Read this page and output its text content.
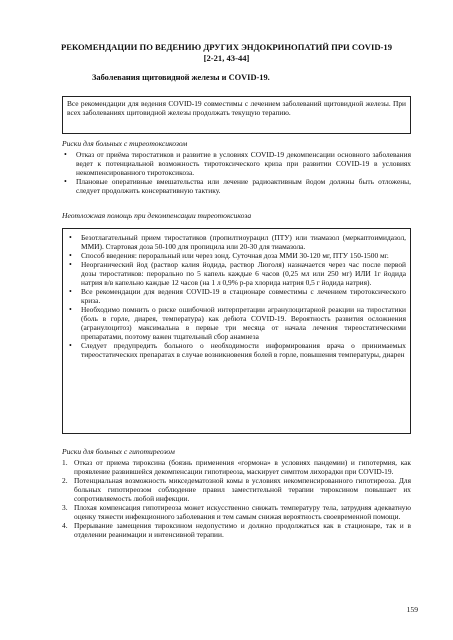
РЕКОМЕНДАЦИИ ПО ВЕДЕНИЮ ДРУГИХ ЭНДОКРИНОПАТИЙ ПРИ COVID-19
[2-21, 43-44]
Заболевания щитовидной железы и COVID-19.
Все рекомендации для ведения COVID-19 совместимы с лечением заболеваний щитовидной железы. При всех заболеваниях щитовидной железы продолжать текущую терапию.
Риски для больных с тиреотоксикозом
• Отказ от приёма тиростатиков и развитие в условиях COVID-19 декомпенсации основного заболевания ведет к потенциальной возможность тиротоксического криза при развитии COVID-19 в условиях некомпенсированного тиротоксикоза.
• Плановые оперативные вмешательства или лечение радиоактивным йодом должны быть отложены, следует продолжить консервативную тактику.
Неотложная помощь при декомпенсации тиреотоксикоза
• Безотлагательный прием тиростатиков (пропилтиоурацил (ПТУ) или тиамазол (меркаптоимидазол, ММИ). Стартовая доза 50-100 для пропицила или 20-30 для тиамазола.
• Способ введения: пероральный или через зонд. Суточная доза ММИ 30-120 мг, ПТУ 150-1500 мг.
• Неорганический йод (раствор калия йодида, раствор Люголя) назначается через час после первой дозы тиростатиков: перорально по 5 капель каждые 6 часов (0,25 мл или 250 мг) ИЛИ 1г йодида натрия в/в капельно каждые 12 часов (на 1 л 0,9% р-ра хлорида натрия 0,5 г йодида натрия).
• Все рекомендации для ведения COVID-19 в стационаре совместимы с лечением тиротоксического криза.
• Необходимо помнить о риске ошибочной интерпретации агранулоцитарной реакции на тиростатики (боль в горле, диарея, температура) как дебюта COVID-19. Вероятность развития осложнения (агранулоцитоз) максимальна в первые три месяца от начала лечения тиреостатическими препаратами, поэтому важен тщательный сбор анамнеза
• Следует предупредить больного о необходимости информирования врача о принимаемых тиреостатических препаратах в случае возникновения болей в горле, повышения температуры, диарен
Риски для больных с гипотиреозом
1. Отказ от приема тироксина (боязнь применения «гормона» в условиях пандемии) и гипотермия, как проявление развившейся декомпенсации гипотиреоза, маскирует симптом лихорадки при COVID-19.
2. Потенциальная возможность микседематозной комы в условиях некомпенсированного гипотиреоза. Для больных гипотиреозом соблюдение правил заместительной терапии тироксином повышает их сопротивляемость любой инфекции.
3. Плохая компенсация гипотиреоза может искусственно снижать температуру тела, затрудняя адекватную оценку тяжести инфекционного заболевания и тем самым снижая вероятность своевременной помощи.
4. Прерывание замещения тироксином недопустимо и должно продолжаться как в стационаре, так и в отделении реанимации и интенсивной терапии.
159
